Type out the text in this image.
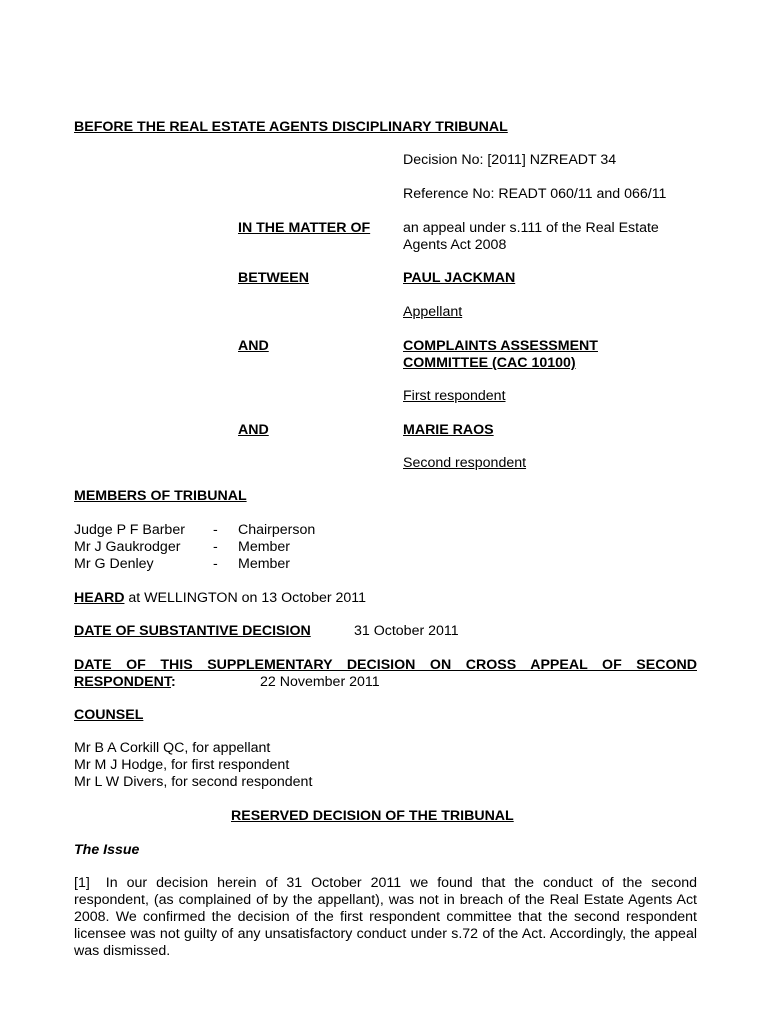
BEFORE THE REAL ESTATE AGENTS DISCIPLINARY TRIBUNAL
Decision No: [2011] NZREADT 34
Reference No: READT 060/11 and 066/11
IN THE MATTER OF an appeal under s.111 of the Real Estate Agents Act 2008
BETWEEN	PAUL JACKMAN
Appellant
AND	COMPLAINTS ASSESSMENT
COMMITTEE (CAC 10100)
First respondent
AND	MARIE RAOS
Second respondent
MEMBERS OF TRIBUNAL
Judge P F Barber - Chairperson
Mr J Gaukrodger - Member
Mr G Denley	- Member
HEARD at WELLINGTON on 13 October 2011
DATE OF SUBSTANTIVE DECISION	31 October 2011
DATE OF THIS SUPPLEMENTARY DECISION ON CROSS APPEAL OF SECOND
RESPONDENT:	22 November 2011
COUNSEL
Mr B A Corkill QC, for appellant
Mr M J Hodge, for first respondent
Mr L W Divers, for second respondent
RESERVED DECISION OF THE TRIBUNAL
The Issue
[1] In our decision herein of 31 October 2011 we found that the conduct of the second respondent, (as complained of by the appellant), was not in breach of the Real Estate Agents Act 2008. We confirmed the decision of the first respondent committee that the second respondent licensee was not guilty of any unsatisfactory conduct under s.72 of the Act. Accordingly, the appeal was dismissed.
